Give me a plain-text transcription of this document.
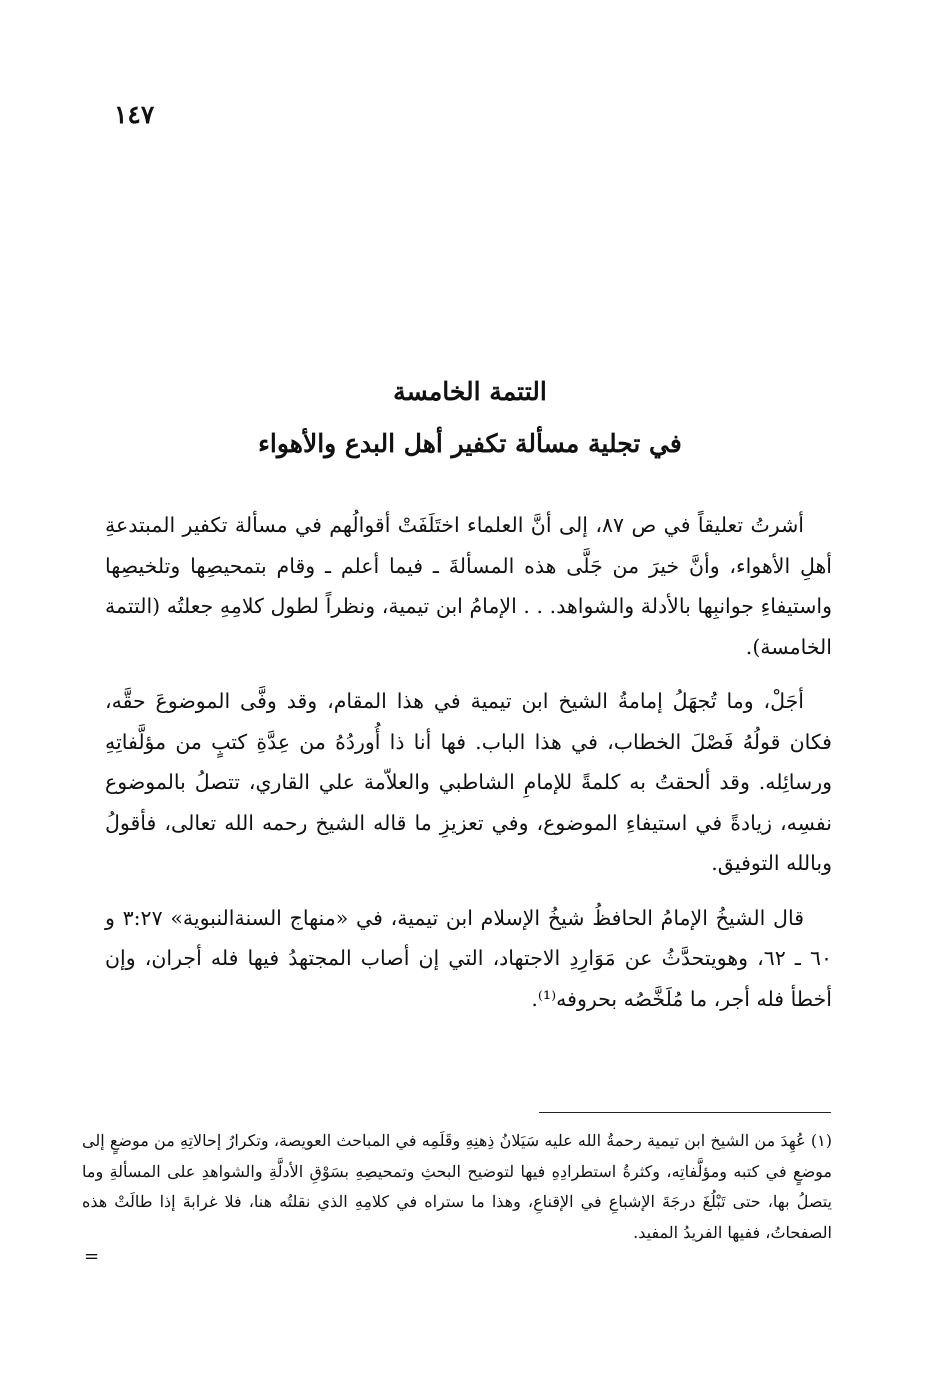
١٤٧
التتمة الخامسة
في تجلية مسألة تكفير أهل البدع والأهواء

أشرتُ تعليقاً في ص ٨٧، إلى أنَّ العلماء اختَلَفَتْ أقوالُهم في مسألة تكفير المبتدعةِ أهلِ الأهواء، وأنَّ خيرَ من جَلَّى هذه المسألةَ ـ فيما أعلم ـ وقام بتمحيصِها وتلخيصِها واستيفاءِ جوانبِها بالأدلة والشواهد. . . الإمامُ ابن تيمية، ونظراً لطول كلامِهِ جعلتُه (التتمة الخامسة).

أجَلْ، وما تُجهَلُ إمامةُ الشيخ ابن تيمية في هذا المقام، وقد وفَّى الموضوعَ حقَّه، فكان قولُهُ فَصْلَ الخطاب، في هذا الباب. فها أنا ذا أُوردُهُ من عِدَّةِ كتبٍ من مؤلَّفاتِهِ ورسائِله. وقد ألحقتُ به كلمةً للإمامِ الشاطبي والعلاّمة علي القاري، تتصلُ بالموضوع نفسِه، زيادةً في استيفاءِ الموضوع، وفي تعزيزِ ما قاله الشيخ رحمه الله تعالى، فأقولُ وبالله التوفيق.

قال الشيخُ الإمامُ الحافظُ شيخُ الإسلام ابن تيمية، في «منهاج السنةالنبوية» ٣:٢٧ و ٦٠ ـ ٦٢، وهويتحدَّثُ عن مَوَارِدِ الاجتهاد، التي إن أصاب المجتهدُ فيها فله أجران، وإن أخطأ فله أجر، ما مُلَخَّصُه بحروفه⁽¹⁾.

(١) عُهِدَ من الشيخ ابن تيمية رحمةُ الله عليه سَيَلانُ ذِهنِهِ وقَلَمِه في المباحث العويصة، وتكرارُ إحالاتِهِ من موضعٍ إلى موضعٍ في كتبه ومؤلَّفاتِه، وكثرةُ استطرادِهِ فيها لتوضيح البحثِ وتمحيصِهِ بسَوْقِ الأدلَّةِ والشواهدِ على المسألةِ وما يتصلُ بها، حتى تَبْلُغَ درجَةَ الإشباعِ في الإقناعِ، وهذا ما ستراه في كلامِهِ الذي نقلتُه هنا، فلا غرابةَ إذا طالَتْ هذه الصفحاتُ، ففيها الفريدُ المفيد.
=
